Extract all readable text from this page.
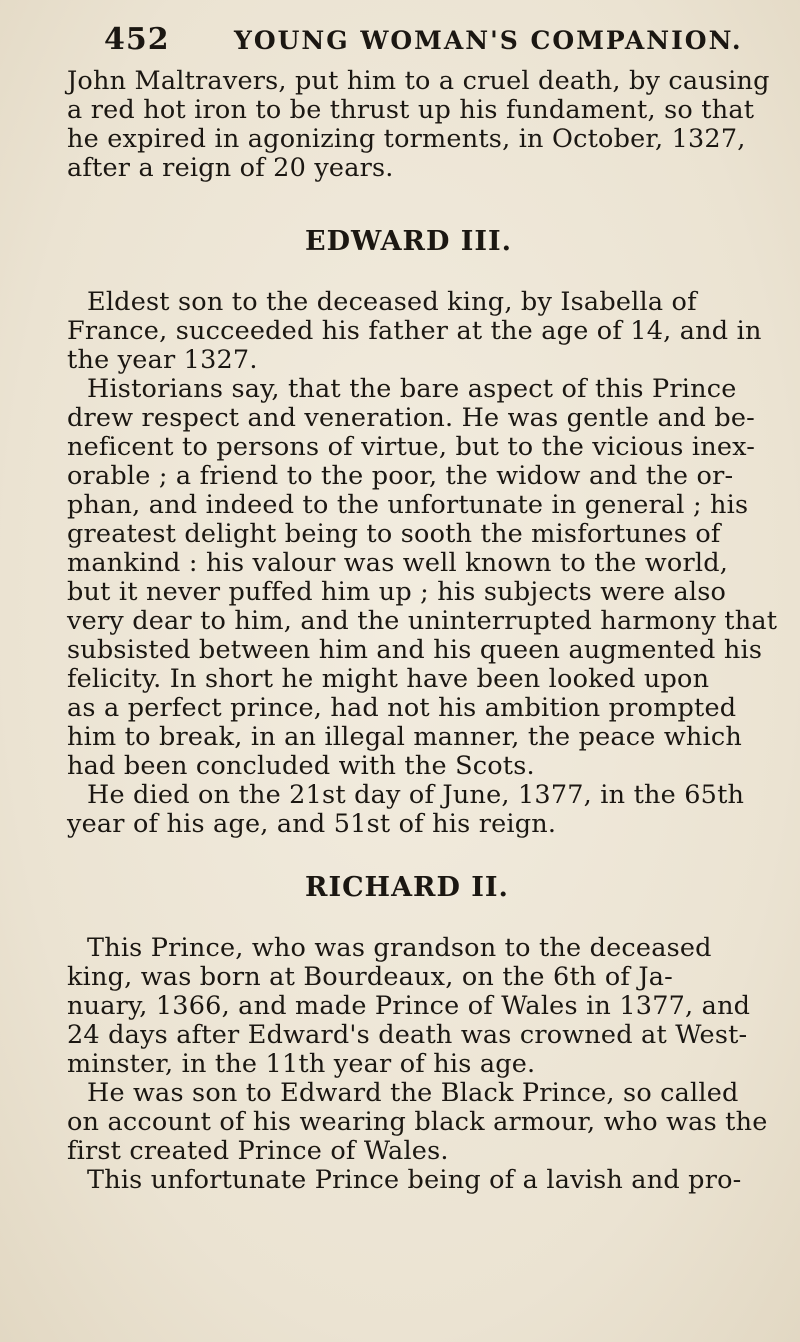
452	YOUNG WOMAN'S COMPANION.
John Maltravers, put him to a cruel death, by causing
a red hot iron to be thrust up his fundament, so that
he expired in agonizing torments, in October, 1327,
after a reign of 20 years.
EDWARD III.
Eldest son to the deceased king, by Isabella of
France, succeeded his father at the age of 14, and in
the year 1327.
Historians say, that the bare aspect of this Prince
drew respect and veneration. He was gentle and be-
neficent to persons of virtue, but to the vicious inex-
orable ; a friend to the poor, the widow and the or-
phan, and indeed to the unfortunate in general ; his
greatest delight being to sooth the misfortunes of
mankind : his valour was well known to the world,
but it never puffed him up ; his subjects were also
very dear to him, and the uninterrupted harmony that
subsisted between him and his queen augmented his
felicity. In short he might have been looked upon
as a perfect prince, had not his ambition prompted
him to break, in an illegal manner, the peace which
had been concluded with the Scots.
He died on the 21st day of June, 1377, in the 65th
year of his age, and 51st of his reign.
RICHARD II.
This Prince, who was grandson to the deceased
king, was born at Bourdeaux, on the 6th of Ja-
nuary, 1366, and made Prince of Wales in 1377, and
24 days after Edward's death was crowned at West-
minster, in the 11th year of his age.
He was son to Edward the Black Prince, so called
on account of his wearing black armour, who was the
first created Prince of Wales.
This unfortunate Prince being of a lavish and pro-
